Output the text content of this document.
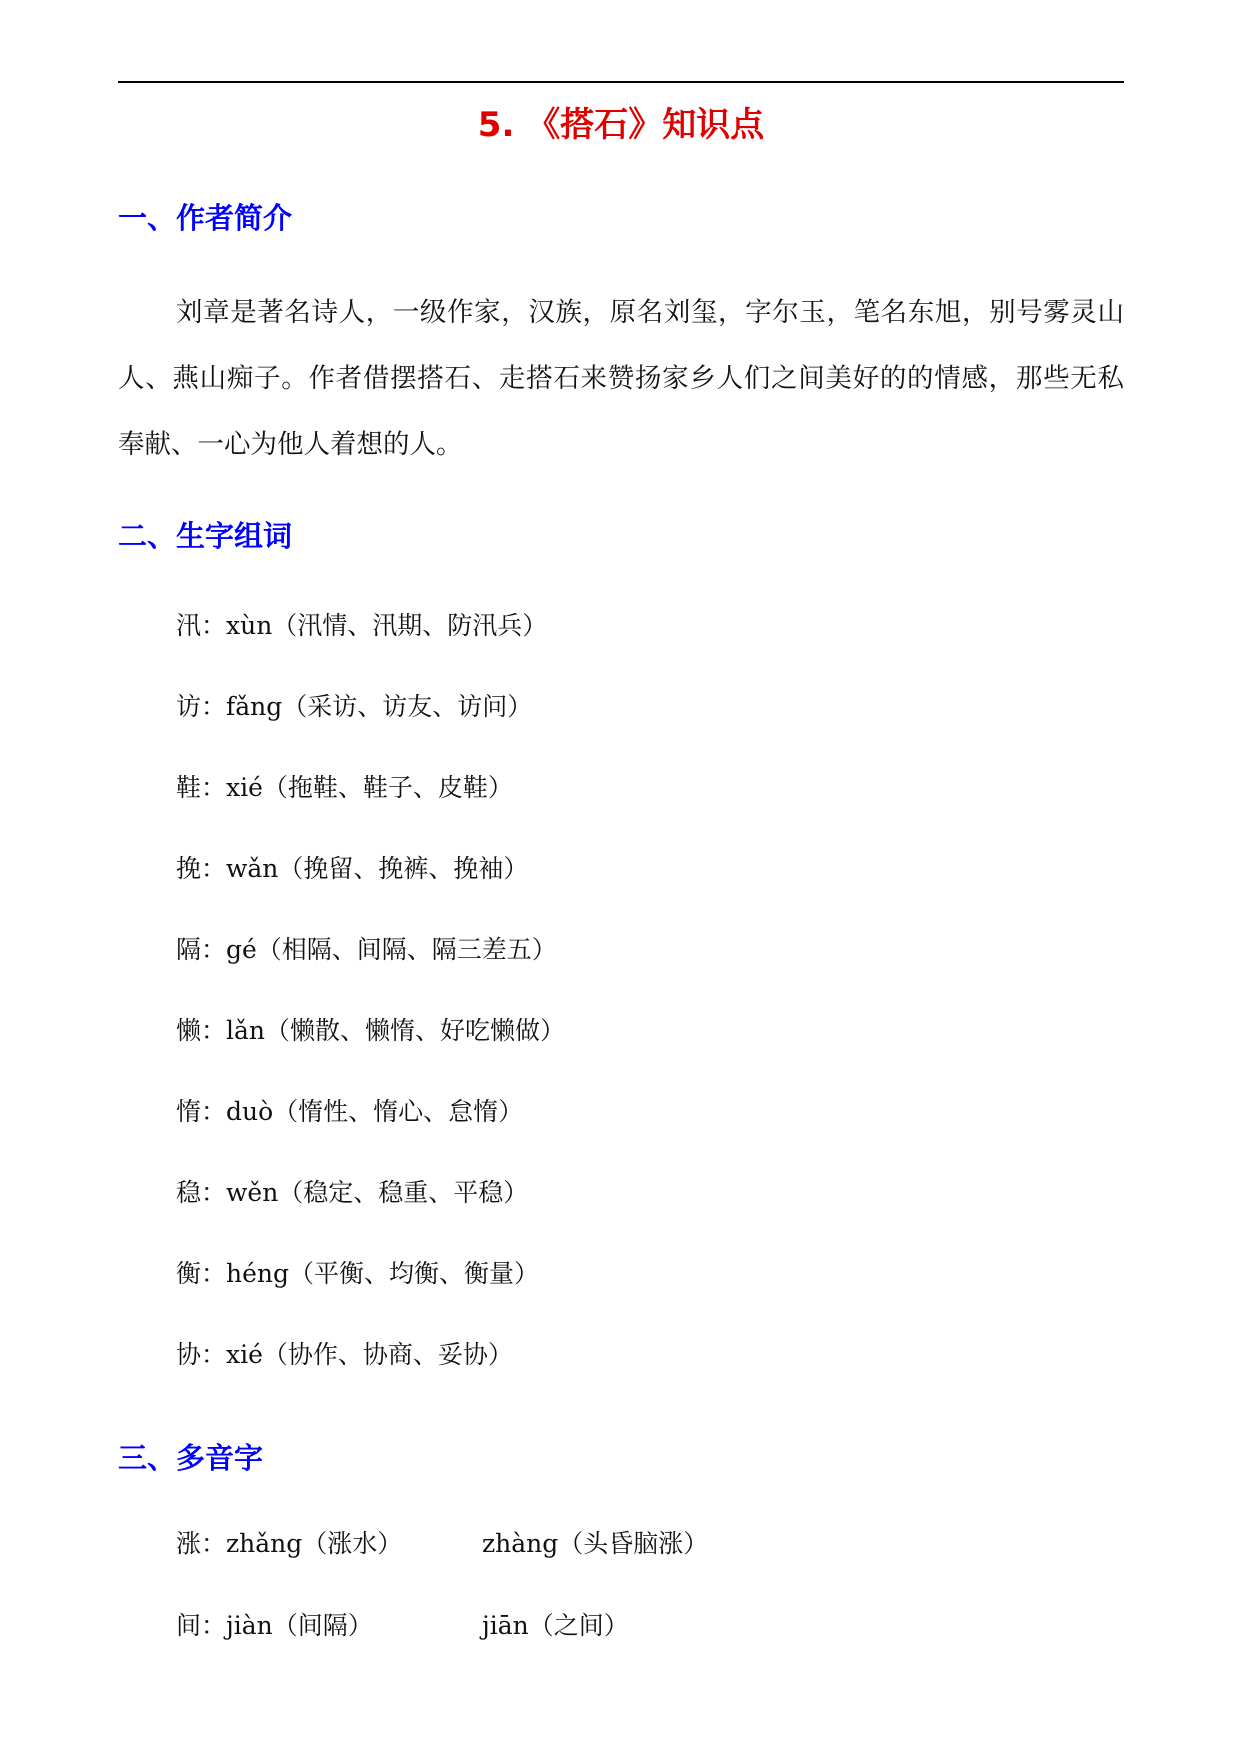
5. 《搭石》知识点
一、作者简介

刘章是著名诗人，一级作家，汉族，原名刘玺，字尔玉，笔名东旭，别号雾灵山人、燕山痴子。作者借摆搭石、走搭石来赞扬家乡人们之间美好的的情感，那些无私奉献、一心为他人着想的人。

二、生字组词
汛：xùn（汛情、汛期、防汛兵）
访：fǎng（采访、访友、访问）
鞋：xié（拖鞋、鞋子、皮鞋）
挽：wǎn（挽留、挽裤、挽袖）
隔：gé（相隔、间隔、隔三差五）
懒：lǎn（懒散、懒惰、好吃懒做）
惰：duò（惰性、惰心、怠惰）
稳：wěn（稳定、稳重、平稳）
衡：héng（平衡、均衡、衡量）
协：xié（协作、协商、妥协）
三、多音字
涨：zhǎng（涨水）	zhàng（头昏脑涨）
间：jiàn（间隔）	jiān（之间）
